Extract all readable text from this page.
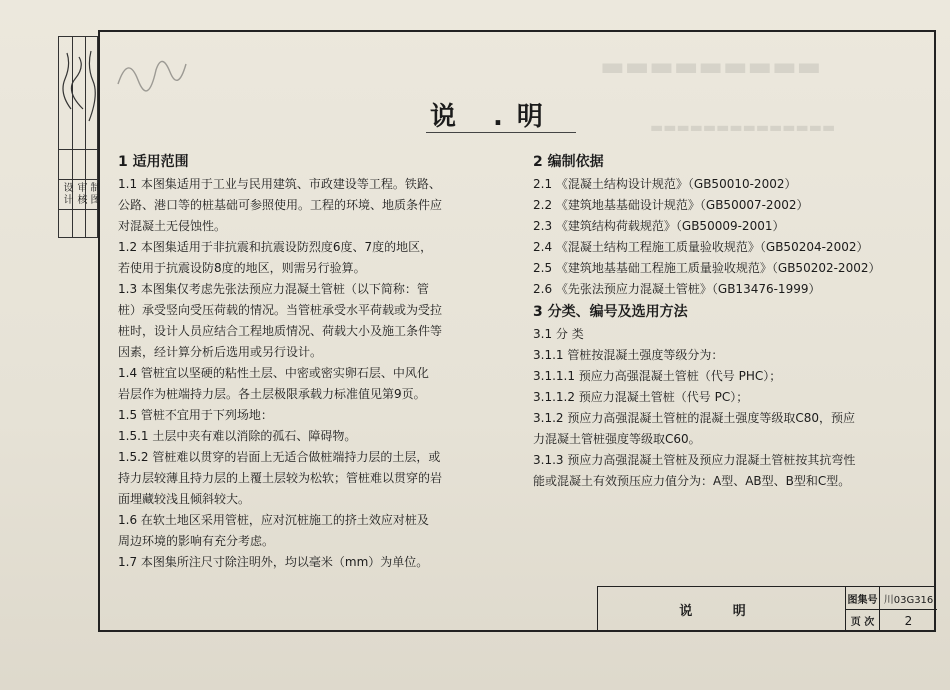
▬▬▬▬▬▬▬▬▬
▬▬▬▬▬▬▬▬▬▬▬▬▬▬
设计 审核 制图
说 .明

1 适用范围

1.1 本图集适用于工业与民用建筑、市政建设等工程。铁路、

公路、港口等的桩基础可参照使用。工程的环境、地质条件应

对混凝土无侵蚀性。

1.2 本图集适用于非抗震和抗震设防烈度6度、7度的地区，

若使用于抗震设防8度的地区，则需另行验算。

1.3 本图集仅考虑先张法预应力混凝土管桩（以下简称：管

桩）承受竖向受压荷载的情况。当管桩承受水平荷载或为受拉

桩时，设计人员应结合工程地质情况、荷载大小及施工条件等

因素，经计算分析后选用或另行设计。

1.4 管桩宜以坚硬的粘性土层、中密或密实卵石层、中风化

岩层作为桩端持力层。各土层极限承载力标准值见第9页。

1.5 管桩不宜用于下列场地：

1.5.1 土层中夹有难以消除的孤石、障碍物。

1.5.2 管桩难以贯穿的岩面上无适合做桩端持力层的土层，或

持力层较薄且持力层的上覆土层较为松软；管桩难以贯穿的岩

面埋藏较浅且倾斜较大。

1.6 在软土地区采用管桩，应对沉桩施工的挤土效应对桩及

周边环境的影响有充分考虑。

1.7 本图集所注尺寸除注明外，均以毫米（mm）为单位。

2 编制依据

2.1 《混凝土结构设计规范》（GB50010-2002）

2.2 《建筑地基基础设计规范》（GB50007-2002）

2.3 《建筑结构荷载规范》（GB50009-2001）

2.4 《混凝土结构工程施工质量验收规范》（GB50204-2002）

2.5 《建筑地基基础工程施工质量验收规范》（GB50202-2002）

2.6 《先张法预应力混凝土管桩》（GB13476-1999）

3 分类、编号及选用方法

3.1 分 类

3.1.1 管桩按混凝土强度等级分为：

3.1.1.1 预应力高强混凝土管桩（代号 PHC）；

3.1.1.2 预应力混凝土管桩（代号 PC）；

3.1.2 预应力高强混凝土管桩的混凝土强度等级取C80，预应

力混凝土管桩强度等级取C60。

3.1.3 预应力高强混凝土管桩及预应力混凝土管桩按其抗弯性

能或混凝土有效预压应力值分为：A型、AB型、B型和C型。

说 明
图集号 川03G316
页 次	2
